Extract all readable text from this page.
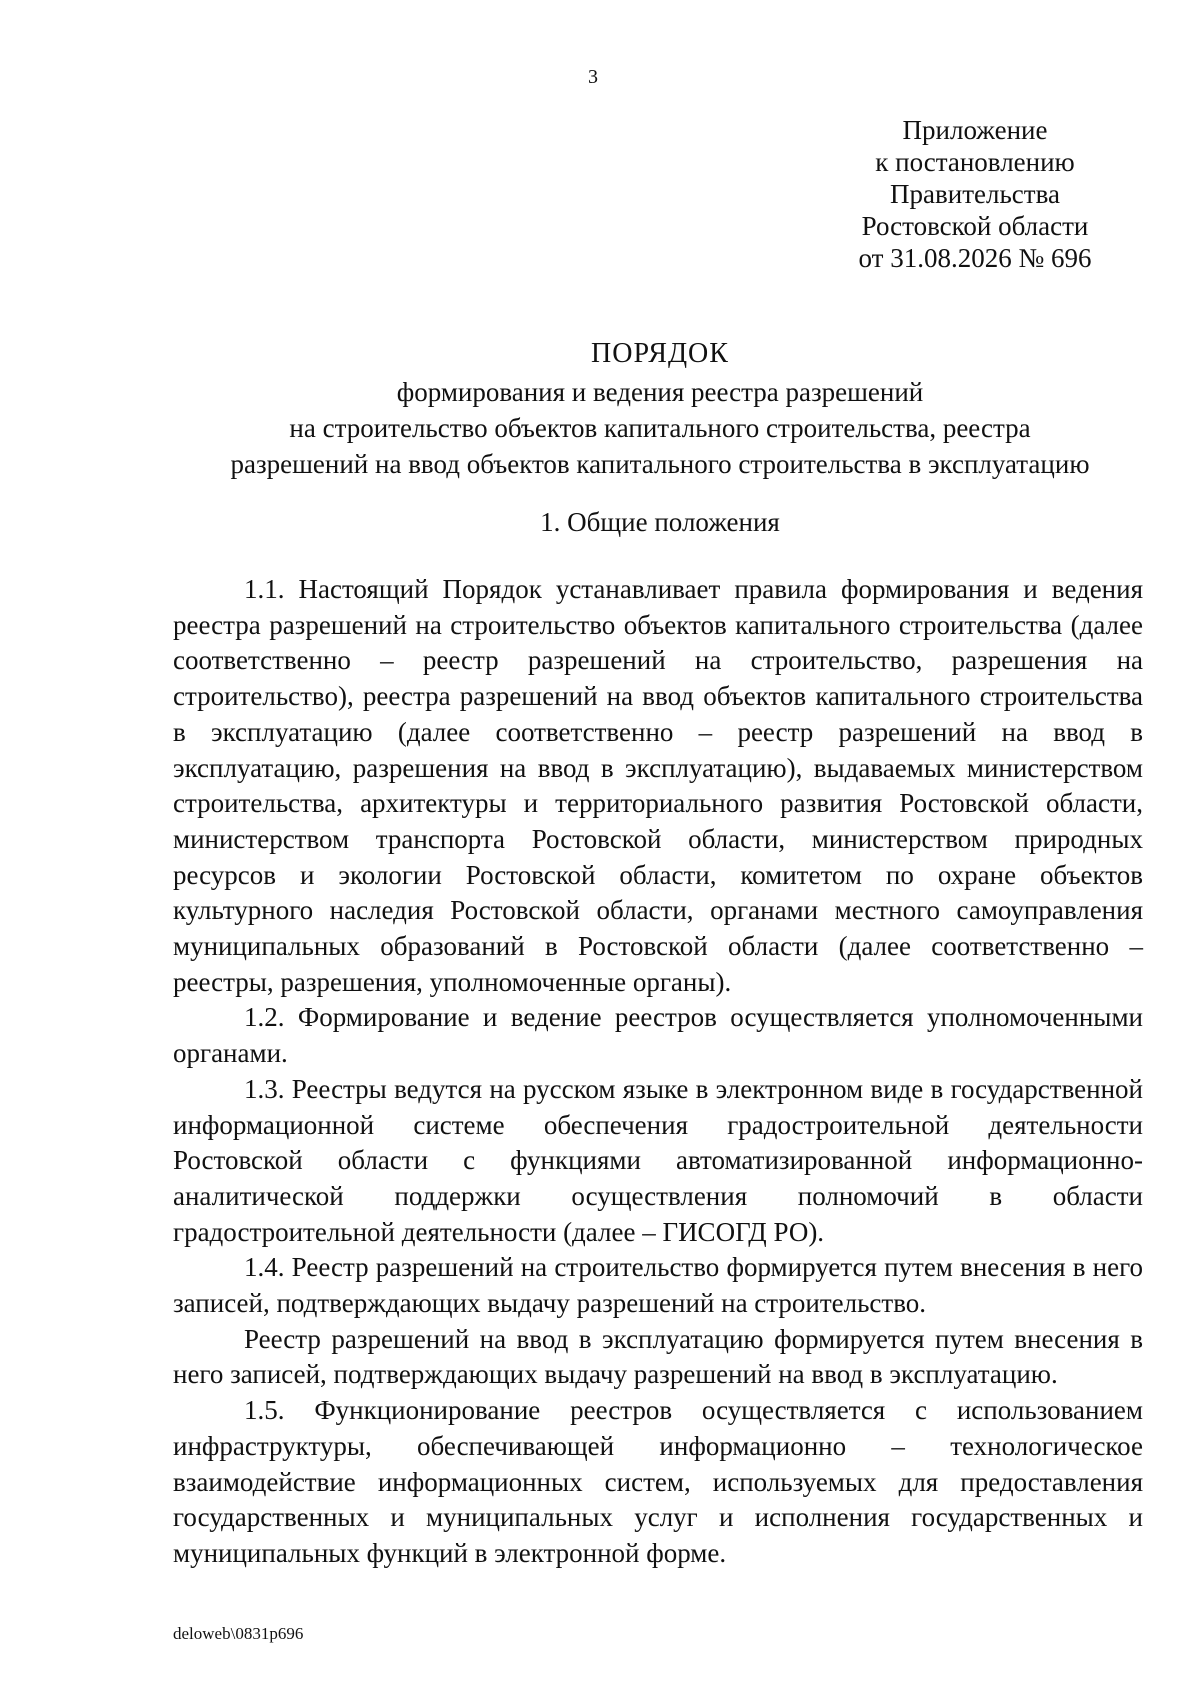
3
Приложение
к постановлению
Правительства
Ростовской области
от 31.08.2026 № 696
ПОРЯДОК
формирования и ведения реестра разрешений
на строительство объектов капитального строительства, реестра
разрешений на ввод объектов капитального строительства в эксплуатацию
1. Общие положения

1.1. Настоящий Порядок устанавливает правила формирования и ведения реестра разрешений на строительство объектов капитального строительства (далее соответственно – реестр разрешений на строительство, разрешения на строительство), реестра разрешений на ввод объектов капитального строительства в эксплуатацию (далее соответственно – реестр разрешений на ввод в эксплуатацию, разрешения на ввод в эксплуатацию), выдаваемых министерством строительства, архитектуры и территориального развития Ростовской области, министерством транспорта Ростовской области, министерством природных ресурсов и экологии Ростовской области, комитетом по охране объектов культурного наследия Ростовской области, органами местного самоуправления муниципальных образований в Ростовской области (далее соответственно – реестры, разрешения, уполномоченные органы).

1.2. Формирование и ведение реестров осуществляется уполномоченными органами.

1.3. Реестры ведутся на русском языке в электронном виде в государственной информационной системе обеспечения градостроительной деятельности Ростовской области с функциями автоматизированной информационно-аналитической поддержки осуществления полномочий в области градостроительной деятельности (далее – ГИСОГД РО).

1.4. Реестр разрешений на строительство формируется путем внесения в него записей, подтверждающих выдачу разрешений на строительство.

Реестр разрешений на ввод в эксплуатацию формируется путем внесения в него записей, подтверждающих выдачу разрешений на ввод в эксплуатацию.

1.5. Функционирование реестров осуществляется с использованием инфраструктуры, обеспечивающей информационно – технологическое взаимодействие информационных систем, используемых для предоставления государственных и муниципальных услуг и исполнения государственных и муниципальных функций в электронной форме.

deloweb\0831p696
